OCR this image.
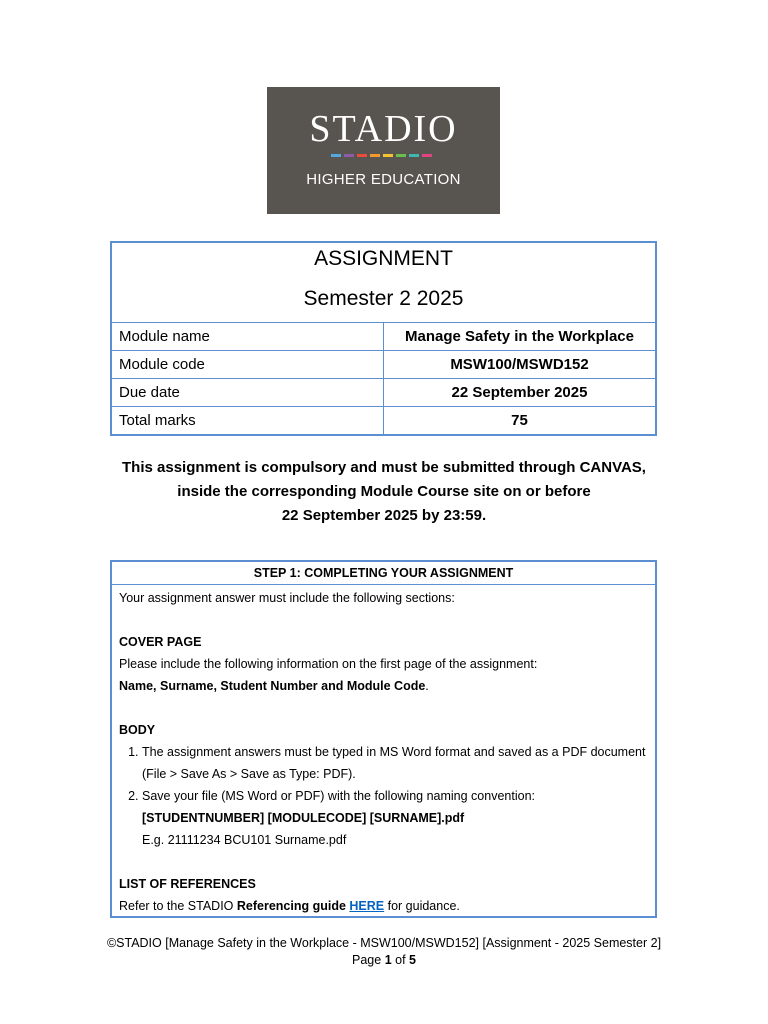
STADIO
HIGHER EDUCATION
ASSIGNMENT
Semester 2 2025
Module name	Manage Safety in the Workplace
Module code	MSW100/MSWD152
Due date	22 September 2025
Total marks	75
This assignment is compulsory and must be submitted through CANVAS,
inside the corresponding Module Course site on or before
22 September 2025 by 23:59.
STEP 1: COMPLETING YOUR ASSIGNMENT
Your assignment answer must include the following sections:
COVER PAGE
Please include the following information on the first page of the assignment:
Name, Surname, Student Number and Module Code.
BODY
1. The assignment answers must be typed in MS Word format and saved as a PDF document (File > Save As > Save as Type: PDF).
2. Save your file (MS Word or PDF) with the following naming convention:
[STUDENTNUMBER] [MODULECODE] [SURNAME].pdf
E.g. 21111234 BCU101 Surname.pdf
LIST OF REFERENCES
Refer to the STADIO Referencing guide HERE for guidance.
©STADIO [Manage Safety in the Workplace - MSW100/MSWD152] [Assignment - 2025 Semester 2]
Page 1 of 5
